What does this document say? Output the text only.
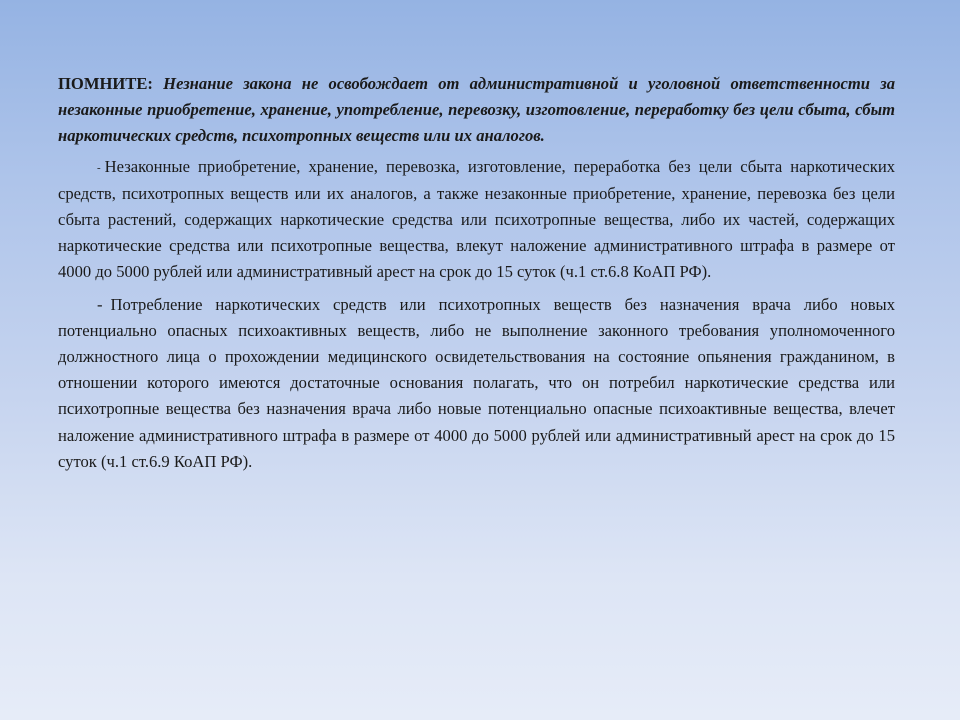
ПОМНИТЕ: Незнание закона не освобождает от административной и уголовной ответственности за незаконные приобретение, хранение, употребление, перевозку, изготовление, переработку без цели сбыта, сбыт наркотических средств, психотропных веществ или их аналогов.

- Незаконные приобретение, хранение, перевозка, изготовление, переработка без цели сбыта наркотических средств, психотропных веществ или их аналогов, а также незаконные приобретение, хранение, перевозка без цели сбыта растений, содержащих наркотические средства или психотропные вещества, либо их частей, содержащих наркотические средства или психотропные вещества, влекут наложение административного штрафа в размере от 4000 до 5000 рублей или административный арест на срок до 15 суток (ч.1 ст.6.8 КоАП РФ).

- Потребление наркотических средств или психотропных веществ без назначения врача либо новых потенциально опасных психоактивных веществ, либо не выполнение законного требования уполномоченного должностного лица о прохождении медицинского освидетельствования на состояние опьянения гражданином, в отношении которого имеются достаточные основания полагать, что он потребил наркотические средства или психотропные вещества без назначения врача либо новые потенциально опасные психоактивные вещества, влечет наложение административного штрафа в размере от 4000 до 5000 рублей или административный арест на срок до 15 суток (ч.1 ст.6.9 КоАП РФ).
